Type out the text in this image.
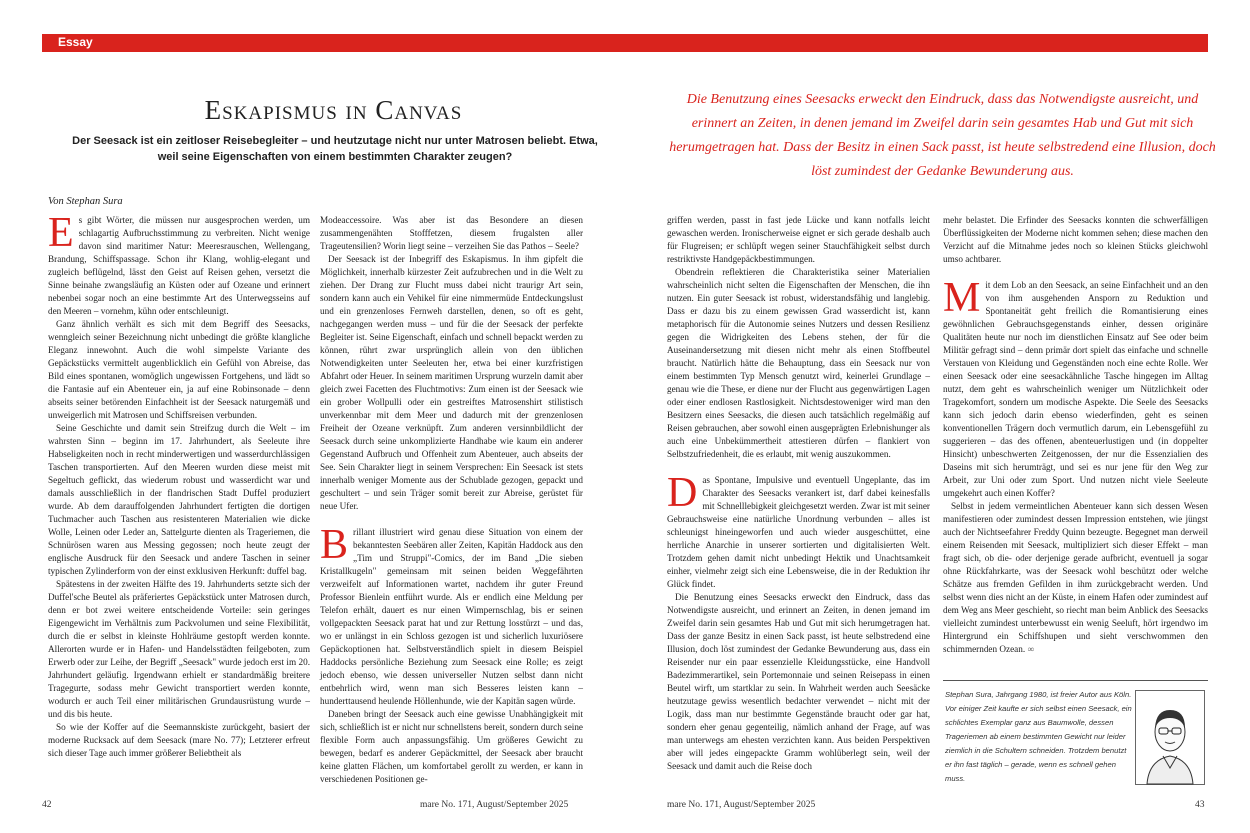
Essay
Eskapismus in Canvas
Der Seesack ist ein zeitloser Reisebegleiter – und heutzutage nicht nur unter Matrosen beliebt. Etwa, weil seine Eigenschaften von einem bestimmten Charakter zeugen?
Von Stephan Sura

Es gibt Wörter, die müssen nur ausgesprochen werden, um schlagartig Aufbruchsstimmung zu verbreiten. Nicht wenige davon sind maritimer Natur: Meeresrauschen, Wellengang, Brandung, Schiffspassage. Schon ihr Klang, wohlig-elegant und zugleich beflügelnd, lässt den Geist auf Reisen gehen, versetzt die Sinne beinahe zwangsläufig an Küsten oder auf Ozeane und erinnert nebenbei sogar noch an eine bestimmte Art des Unterwegsseins auf den Meeren – vornehm, kühn oder entschleunigt.

Ganz ähnlich verhält es sich mit dem Begriff des Seesacks, wenngleich seiner Bezeichnung nicht unbedingt die größte klangliche Eleganz innewohnt. Auch die wohl simpelste Variante des Gepäckstücks vermittelt augenblicklich ein Gefühl von Abreise, das Bild eines spontanen, womöglich ungewissen Fortgehens, und lädt so die Fantasie auf ein Abenteuer ein, ja auf eine Robinsonade – denn abseits seiner betörenden Einfachheit ist der Seesack naturgemäß und unweigerlich mit Matrosen und Schiffsreisen verbunden.

Seine Geschichte und damit sein Streifzug durch die Welt – im wahrsten Sinn – beginn im 17. Jahrhundert, als Seeleute ihre Habseligkeiten noch in recht minderwertigen und wasserdurchlässigen Taschen transportierten. Auf den Meeren wurden diese meist mit Segeltuch geflickt, das wiederum robust und wasserdicht war und damals ausschließlich in der flandrischen Stadt Duffel produziert wurde. Ab dem darauffolgenden Jahrhundert fertigten die dortigen Tuchmacher auch Taschen aus resistenteren Materialien wie dicke Wolle, Leinen oder Leder an, Sattelgurte dienten als Trageriemen, die Schnürösen waren aus Messing gegossen; noch heute zeugt der englische Ausdruck für den Seesack und andere Taschen in seiner typischen Zylinderform von der einst exklusiven Herkunft: duffel bag.

Spätestens in der zweiten Hälfte des 19. Jahrhunderts setzte sich der Duffel'sche Beutel als präferiertes Gepäckstück unter Matrosen durch, denn er bot zwei weitere entscheidende Vorteile: sein geringes Eigengewicht im Verhältnis zum Packvolumen und seine Flexibilität, durch die er selbst in kleinste Hohlräume gestopft werden konnte. Allerorten wurde er in Hafen- und Handelsstädten feilgeboten, zum Erwerb oder zur Leihe, der Begriff „Seesack" wurde jedoch erst im 20. Jahrhundert geläufig. Irgendwann erhielt er standardmäßig breitere Tragegurte, sodass mehr Gewicht transportiert werden konnte, wodurch er auch Teil einer militärischen Grundausrüstung wurde – und dis bis heute.

So wie der Koffer auf die Seemannskiste zurückgeht, basiert der moderne Rucksack auf dem Seesack (mare No. 77); Letzterer erfreut sich dieser Tage auch immer größerer Beliebtheit als

Modeaccessoire. Was aber ist das Besondere an diesen zusammengenähten Stofffetzen, diesem frugalsten aller Trageutensilien? Worin liegt seine – verzeihen Sie das Pathos – Seele?

Der Seesack ist der Inbegriff des Eskapismus. In ihm gipfelt die Möglichkeit, innerhalb kürzester Zeit aufzubrechen und in die Welt zu ziehen. Der Drang zur Flucht muss dabei nicht traurigr Art sein, sondern kann auch ein Vehikel für eine nimmermüde Entdeckungslust und ein grenzenloses Fernweh darstellen, denen, so oft es geht, nachgegangen werden muss – und für die der Seesack der perfekte Begleiter ist. Seine Eigenschaft, einfach und schnell bepackt werden zu können, rührt zwar ursprünglich allein von den üblichen Notwendigkeiten unter Seeleuten her, etwa bei einer kurzfristigen Abfahrt oder Heuer. In seinem maritimen Ursprung wurzeln damit aber gleich zwei Facetten des Fluchtmotivs: Zum einen ist der Seesack wie ein grober Wollpulli oder ein gestreiftes Matrosenshirt stilistisch unverkennbar mit dem Meer und dadurch mit der grenzenlosen Freiheit der Ozeane verknüpft. Zum anderen versinnbildlicht der Seesack durch seine unkomplizierte Handhabe wie kaum ein anderer Gegenstand Aufbruch und Offenheit zum Abenteuer, auch abseits der See. Sein Charakter liegt in seinem Versprechen: Ein Seesack ist stets innerhalb weniger Momente aus der Schublade gezogen, gepackt und geschultert – und sein Träger somit bereit zur Abreise, gerüstet für neue Ufer.

Brillant illustriert wird genau diese Situation von einem der bekanntesten Seebären aller Zeiten, Kapitän Haddock aus den „Tim und Struppi"-Comics, der im Band „Die sieben Kristallkugeln" gemeinsam mit seinen beiden Weggefährten verzweifelt auf Informationen wartet, nachdem ihr guter Freund Professor Bienlein entführt wurde. Als er endlich eine Meldung per Telefon erhält, dauert es nur einen Wimpernschlag, bis er seinen vollgepackten Seesack parat hat und zur Rettung losstürzt – und das, wo er unlängst in ein Schloss gezogen ist und sicherlich luxuriösere Gepäckoptionen hat. Selbstverständlich spielt in diesem Beispiel Haddocks persönliche Beziehung zum Seesack eine Rolle; es zeigt jedoch ebenso, wie dessen universeller Nutzen selbst dann nicht entbehrlich wird, wenn man sich Besseres leisten kann – hunderttausend heulende Höllenhunde, wie der Kapitän sagen würde.

Daneben bringt der Seesack auch eine gewisse Unabhängigkeit mit sich, schließlich ist er nicht nur schnellstens bereit, sondern durch seine flexible Form auch anpassungsfähig. Um größeres Gewicht zu bewegen, bedarf es anderer Gepäckmittel, der Seesack aber braucht keine glatten Flächen, um komfortabel gerollt zu werden, er kann in verschiedenen Positionen ge-

42	mare No. 171, August/September 2025
Die Benutzung eines Seesacks erweckt den Eindruck, dass das Notwendigste ausreicht, und erinnert an Zeiten, in denen jemand im Zweifel darin sein gesamtes Hab und Gut mit sich herumgetragen hat. Dass der Besitz in einen Sack passt, ist heute selbstredend eine Illusion, doch löst zumindest der Gedanke Bewunderung aus.

griffen werden, passt in fast jede Lücke und kann notfalls leicht gewaschen werden. Ironischerweise eignet er sich gerade deshalb auch für Flugreisen; er schlüpft wegen seiner Stauchfähigkeit selbst durch restriktivste Handgepäckbestimmungen.

Obendrein reflektieren die Charakteristika seiner Materialien wahrscheinlich nicht selten die Eigenschaften der Menschen, die ihn nutzen. Ein guter Seesack ist robust, widerstandsfähig und langlebig. Dass er dazu bis zu einem gewissen Grad wasserdicht ist, kann metaphorisch für die Autonomie seines Nutzers und dessen Resilienz gegen die Widrigkeiten des Lebens stehen, der für die Auseinandersetzung mit diesen nicht mehr als einen Stoffbeutel braucht. Natürlich hätte die Behauptung, dass ein Seesack nur von einem bestimmten Typ Mensch genutzt wird, keinerlei Grundlage – genau wie die These, er diene nur der Flucht aus gegenwärtigen Lagen oder einer endlosen Rastlosigkeit. Nichtsdestoweniger wird man den Besitzern eines Seesacks, die diesen auch tatsächlich regelmäßig auf Reisen gebrauchen, aber sowohl einen ausgeprägten Erlebnishunger als auch eine Unbekümmertheit attestieren dürfen – flankiert von Selbstzufriedenheit, die es erlaubt, mit wenig auszukommen.

Das Spontane, Impulsive und eventuell Ungeplante, das im Charakter des Seesacks verankert ist, darf dabei keinesfalls mit Schnelllebigkeit gleichgesetzt werden. Zwar ist mit seiner Gebrauchsweise eine natürliche Unordnung verbunden – alles ist schleunigst hineingeworfen und auch wieder ausgeschüttet, eine herrliche Anarchie in unserer sortierten und digitalisierten Welt. Trotzdem gehen damit nicht unbedingt Hektik und Unachtsamkeit einher, vielmehr zeigt sich eine Lebensweise, die in der Reduktion ihr Glück findet.

Die Benutzung eines Seesacks erweckt den Eindruck, dass das Notwendigste ausreicht, und erinnert an Zeiten, in denen jemand im Zweifel darin sein gesamtes Hab und Gut mit sich herumgetragen hat. Dass der ganze Besitz in einen Sack passt, ist heute selbstredend eine Illusion, doch löst zumindest der Gedanke Bewunderung aus, dass ein Reisender nur ein paar essenzielle Kleidungsstücke, eine Handvoll Badezimmerartikel, sein Portemonnaie und seinen Reisepass in einen Beutel wirft, um startklar zu sein. In Wahrheit werden auch Seesäcke heutzutage gewiss wesentlich bedachter verwendet – nicht mit der Logik, dass man nur bestimmte Gegenstände braucht oder gar hat, sondern eher genau gegenteilig, nämlich anhand der Frage, auf was man unterwegs am ehesten verzichten kann. Aus beiden Perspektiven aber will jedes eingepackte Gramm wohlüberlegt sein, weil der Seesack und damit auch die Reise doch

mehr belastet. Die Erfinder des Seesacks konnten die schwerfälligen Überflüssigkeiten der Moderne nicht kommen sehen; diese machen den Verzicht auf die Mitnahme jedes noch so kleinen Stücks gleichwohl umso achtbarer.

Mit dem Lob an den Seesack, an seine Einfachheit und an den von ihm ausgehenden Ansporn zu Reduktion und Spontaneität geht freilich die Romantisierung eines gewöhnlichen Gebrauchsgegenstands einher, dessen originäre Qualitäten heute nur noch im dienstlichen Einsatz auf See oder beim Militär gefragt sind – denn primär dort spielt das einfache und schnelle Verstauen von Kleidung und Gegenständen noch eine echte Rolle. Wer einen Seesack oder eine seesackähnliche Tasche hingegen im Alltag nutzt, dem geht es wahrscheinlich weniger um Nützlichkeit oder Tragekomfort, sondern um modische Aspekte. Die Seele des Seesacks kann sich jedoch darin ebenso wiederfinden, geht es seinen konventionellen Trägern doch vermutlich darum, ein Lebensgefühl zu suggerieren – das des offenen, abenteuerlustigen und (in doppelter Hinsicht) unbeschwerten Zeitgenossen, der nur die Essenzialien des Daseins mit sich herumträgt, und sei es nur jene für den Weg zur Arbeit, zur Uni oder zum Sport. Und nutzen nicht viele Seeleute umgekehrt auch einen Koffer?

Selbst in jedem vermeintlichen Abenteuer kann sich dessen Wesen manifestieren oder zumindest dessen Impression entstehen, wie jüngst auch der Nichtseefahrer Freddy Quinn bezeugte. Begegnet man derweil einem Reisenden mit Seesack, multipliziert sich dieser Effekt – man fragt sich, ob die- oder derjenige gerade aufbricht, eventuell ja sogar ohne Rückfahrkarte, was der Seesack wohl beschützt oder welche Schätze aus fremden Gefilden in ihm zurückgebracht werden. Und selbst wenn dies nicht an der Küste, in einem Hafen oder zumindest auf dem Weg ans Meer geschieht, so riecht man beim Anblick des Seesacks vielleicht zumindest unterbewusst ein wenig Seeluft, hört irgendwo im Hintergrund ein Schiffshupen und sieht verschwommen den schimmernden Ozean. ∞

Stephan Sura, Jahrgang 1980, ist freier Autor aus Köln. Vor einiger Zeit kaufte er sich selbst einen Seesack, ein schlichtes Exemplar ganz aus Baumwolle, dessen Trageriemen ab einem bestimmten Gewicht nur leider ziemlich in die Schultern schneiden. Trotzdem benutzt er ihn fast täglich – gerade, wenn es schnell gehen muss.
mare No. 171, August/September 2025	43
